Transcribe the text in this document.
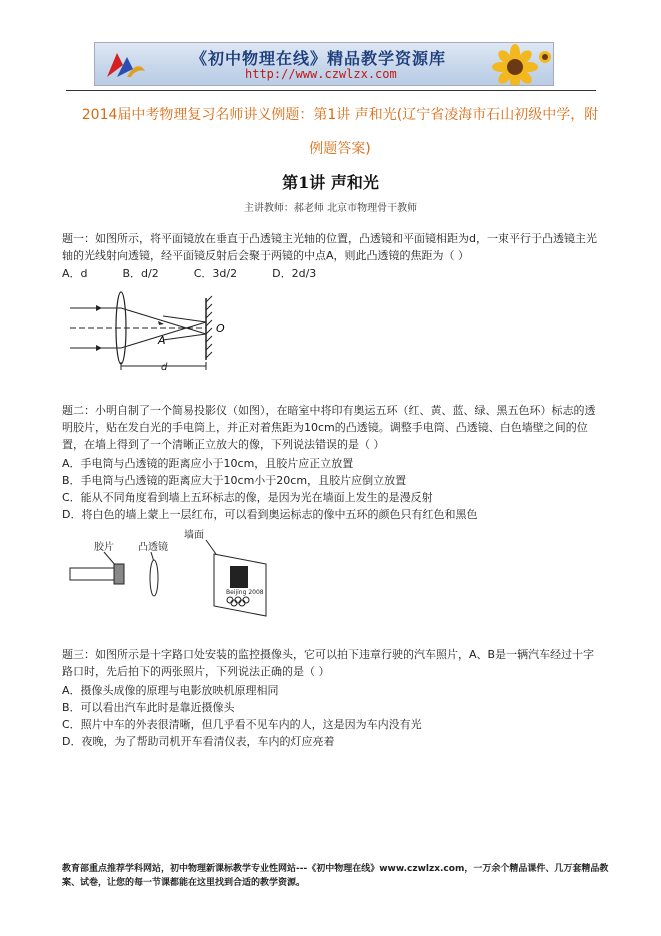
《初中物理在线》精品教学资源库
http://www.czwlzx.com
2014届中考物理复习名师讲义例题：第1讲 声和光(辽宁省凌海市石山初级中学，附例题答案)
第1讲 声和光
主讲教师：郝老师 北京市物理骨干教师

题一：如图所示，将平面镜放在垂直于凸透镜主光轴的位置，凸透镜和平面镜相距为d，一束平行于凸透镜主光轴的光线射向透镜，经平面镜反射后会聚于两镜的中点A，则此凸透镜的焦距为（ ）

A．d	B．d/2	C．3d/2	D．2d/3
A
O
d

题二：小明自制了一个简易投影仪（如图），在暗室中将印有奥运五环（红、黄、蓝、绿、黑五色环）标志的透明胶片，贴在发白光的手电筒上，并正对着焦距为10cm的凸透镜。调整手电筒、凸透镜、白色墙壁之间的位置，在墙上得到了一个清晰正立放大的像，下列说法错误的是（ ）

A．手电筒与凸透镜的距离应小于10cm，且胶片应正立放置
B．手电筒与凸透镜的距离应大于10cm小于20cm，且胶片应倒立放置
C．能从不同角度看到墙上五环标志的像，是因为光在墙面上发生的是漫反射
D．将白色的墙上蒙上一层红布，可以看到奥运标志的像中五环的颜色只有红色和黑色
胶片 凸透镜
墙面
Beijing 2008

题三：如图所示是十字路口处安装的监控摄像头，它可以拍下违章行驶的汽车照片，A、B是一辆汽车经过十字路口时，先后拍下的两张照片，下列说法正确的是（ ）

A．摄像头成像的原理与电影放映机原理相同
B．可以看出汽车此时是靠近摄像头
C．照片中车的外表很清晰，但几乎看不见车内的人，这是因为车内没有光
D．夜晚，为了帮助司机开车看清仪表，车内的灯应亮着
教育部重点推荐学科网站，初中物理新课标教学专业性网站---《初中物理在线》www.czwlzx.com，一万余个精品课件、几万套精品教案、试卷，让您的每一节课都能在这里找到合适的教学资源。
